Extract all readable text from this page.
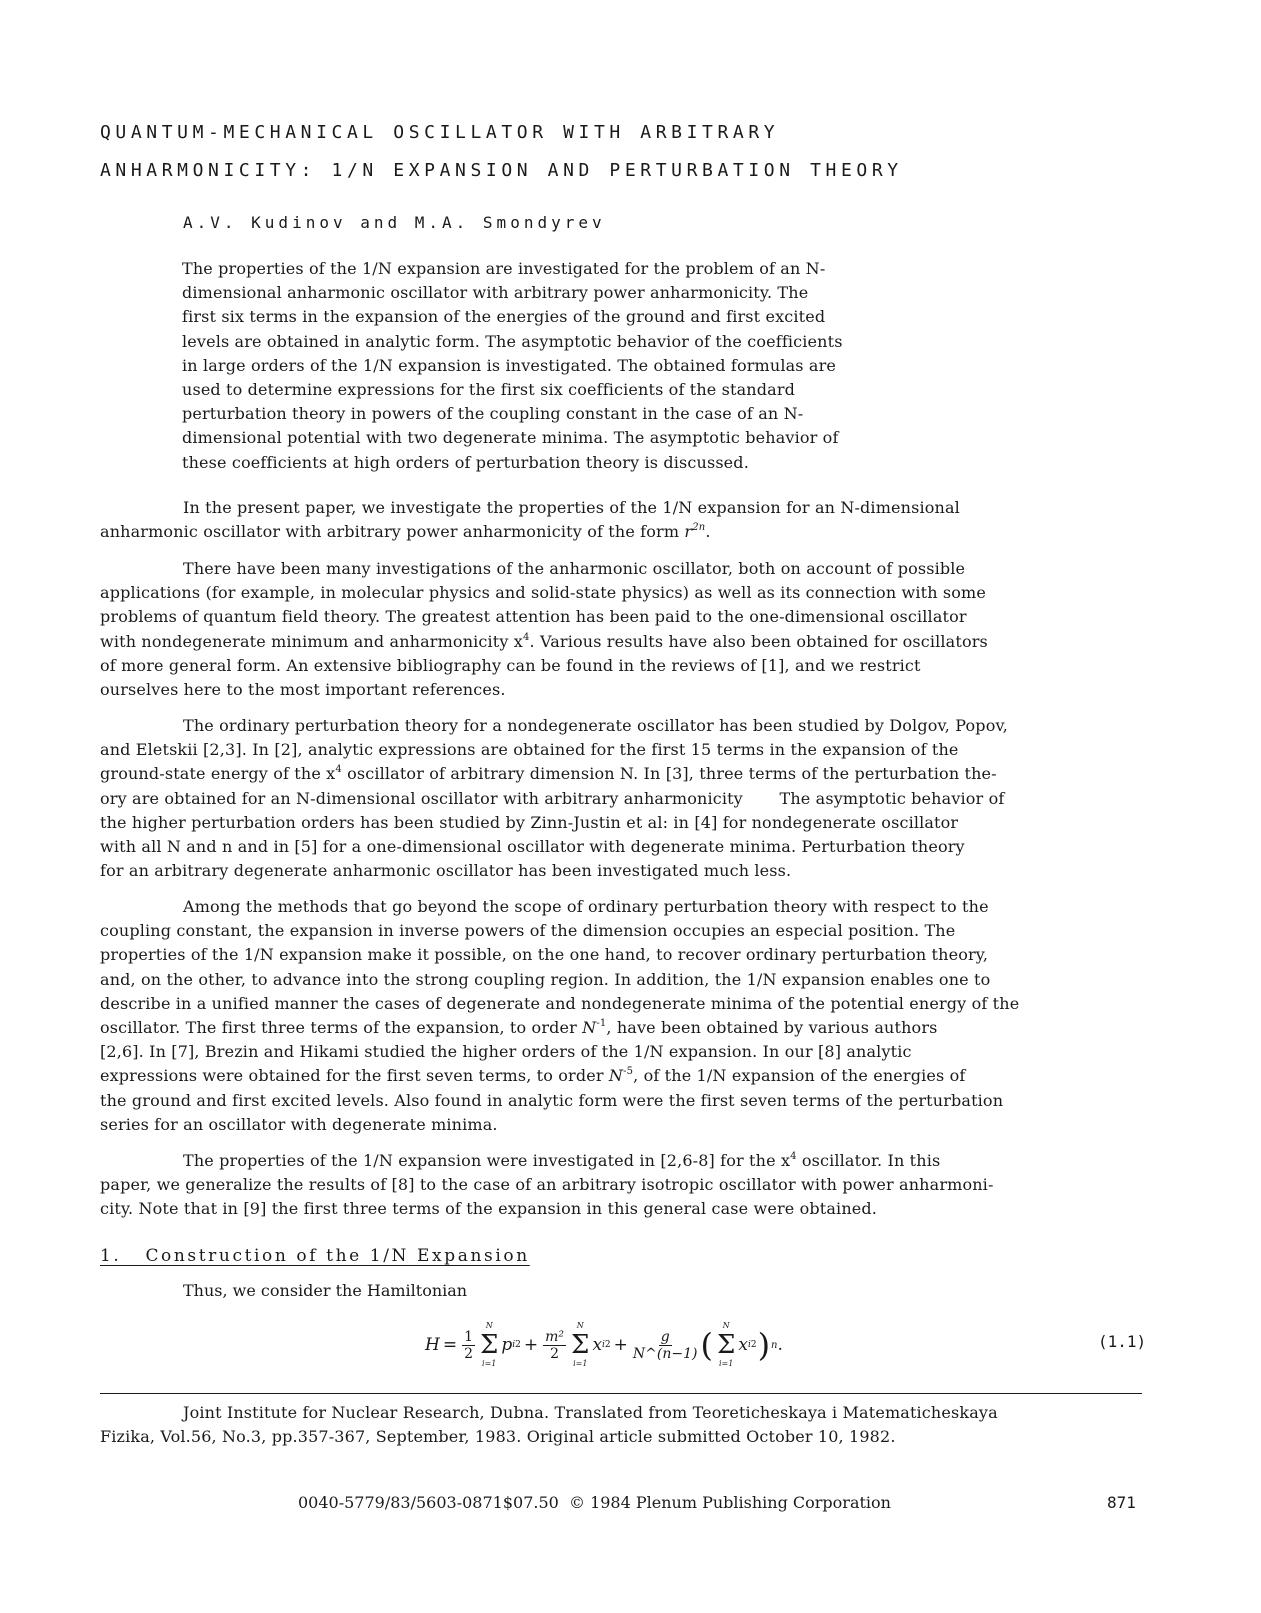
QUANTUM-MECHANICAL OSCILLATOR WITH ARBITRARY
ANHARMONICITY: 1/N EXPANSION AND PERTURBATION THEORY
A.V. Kudinov and M.A. Smondyrev
The properties of the 1/N expansion are investigated for the problem of an N-
dimensional anharmonic oscillator with arbitrary power anharmonicity. The
first six terms in the expansion of the energies of the ground and first excited
levels are obtained in analytic form. The asymptotic behavior of the coefficients
in large orders of the 1/N expansion is investigated. The obtained formulas are
used to determine expressions for the first six coefficients of the standard
perturbation theory in powers of the coupling constant in the case of an N-
dimensional potential with two degenerate minima. The asymptotic behavior of
these coefficients at high orders of perturbation theory is discussed.
In the present paper, we investigate the properties of the 1/N expansion for an N-dimensional
anharmonic oscillator with arbitrary power anharmonicity of the form $r^{2n}$.
There have been many investigations of the anharmonic oscillator, both on account of possible
applications (for example, in molecular physics and solid-state physics) as well as its connection with some
problems of quantum field theory. The greatest attention has been paid to the one-dimensional oscillator
with nondegenerate minimum and anharmonicity $x^4$. Various results have also been obtained for oscillators
of more general form. An extensive bibliography can be found in the reviews of [1], and we restrict
ourselves here to the most important references.
The ordinary perturbation theory for a nondegenerate oscillator has been studied by Dolgov, Popov,
and Eletskii [2,3]. In [2], analytic expressions are obtained for the first 15 terms in the expansion of the
ground-state energy of the $x^4$ oscillator of arbitrary dimension N. In [3], three terms of the perturbation the-
ory are obtained for an N-dimensional oscillator with arbitrary anharmonicity       The asymptotic behavior of
the higher perturbation orders has been studied by Zinn-Justin et al: in [4] for nondegenerate oscillator
with all N and n and in [5] for a one-dimensional oscillator with degenerate minima. Perturbation theory
for an arbitrary degenerate anharmonic oscillator has been investigated much less.
Among the methods that go beyond the scope of ordinary perturbation theory with respect to the
coupling constant, the expansion in inverse powers of the dimension occupies an especial position. The
properties of the 1/N expansion make it possible, on the one hand, to recover ordinary perturbation theory,
and, on the other, to advance into the strong coupling region. In addition, the 1/N expansion enables one to
describe in a unified manner the cases of degenerate and nondegenerate minima of the potential energy of the
oscillator. The first three terms of the expansion, to order $N^{-1}$, have been obtained by various authors
[2,6]. In [7], Brezin and Hikami studied the higher orders of the 1/N expansion. In our [8] analytic
expressions were obtained for the first seven terms, to order $N^{-5}$, of the 1/N expansion of the energies of
the ground and first excited levels. Also found in analytic form were the first seven terms of the perturbation
series for an oscillator with degenerate minima.
The properties of the 1/N expansion were investigated in [2,6-8] for the $x^4$ oscillator. In this
paper, we generalize the results of [8] to the case of an arbitrary isotropic oscillator with power anharmoni-
city. Note that in [9] the first three terms of the expansion in this general case were obtained.
1. Construction of the 1/N Expansion
Thus, we consider the Hamiltonian
$H = \frac{1}{2}$
N
Σ
i=1
p i $2 + \frac{\text{m²}}{2}$
N
Σ
i=1
x i $2 + \frac{g}{N\^{}(n-1)}$ (
N
Σ
i=1
x i 2 ) n .	(1.1)
Joint Institute for Nuclear Research, Dubna. Translated from Teoreticheskaya i Matematicheskaya
Fizika, Vol.56, No.3, pp.357-367, September, 1983. Original article submitted October 10, 1982.
0040-5779/83/5603-0871$07.50 © 1984 Plenum Publishing Corporation	871
